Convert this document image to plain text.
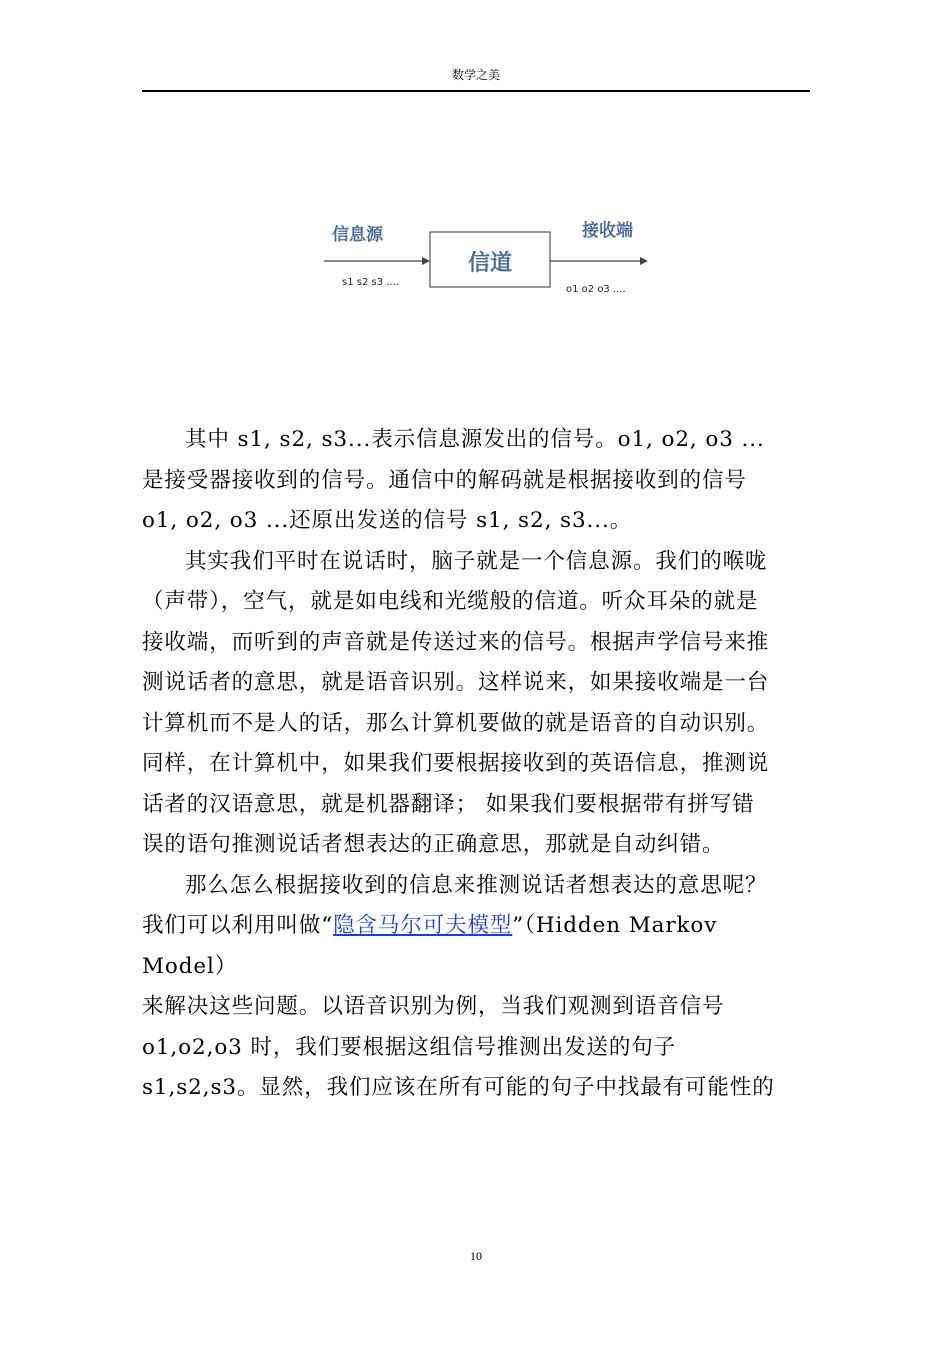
数学之美
信息源
s1 s2 s3 ....
信道
接收端
o1 o2 o3 ....

其中 s1, s2, s3...表示信息源发出的信号。o1, o2, o3 ...
是接受器接收到的信号。通信中的解码就是根据接收到的信号
o1, o2, o3 ...还原出发送的信号 s1, s2, s3...。

其实我们平时在说话时，脑子就是一个信息源。我们的喉咙
（声带），空气，就是如电线和光缆般的信道。听众耳朵的就是
接收端，而听到的声音就是传送过来的信号。根据声学信号来推
测说话者的意思，就是语音识别。这样说来，如果接收端是一台
计算机而不是人的话，那么计算机要做的就是语音的自动识别。
同样，在计算机中，如果我们要根据接收到的英语信息，推测说
话者的汉语意思，就是机器翻译； 如果我们要根据带有拼写错
误的语句推测说话者想表达的正确意思，那就是自动纠错。

那么怎么根据接收到的信息来推测说话者想表达的意思呢？
我们可以利用叫做“隐含马尔可夫模型”（Hidden Markov Model）
来解决这些问题。以语音识别为例，当我们观测到语音信号
o1,o2,o3 时，我们要根据这组信号推测出发送的句子
s1,s2,s3。显然，我们应该在所有可能的句子中找最有可能性的

10
